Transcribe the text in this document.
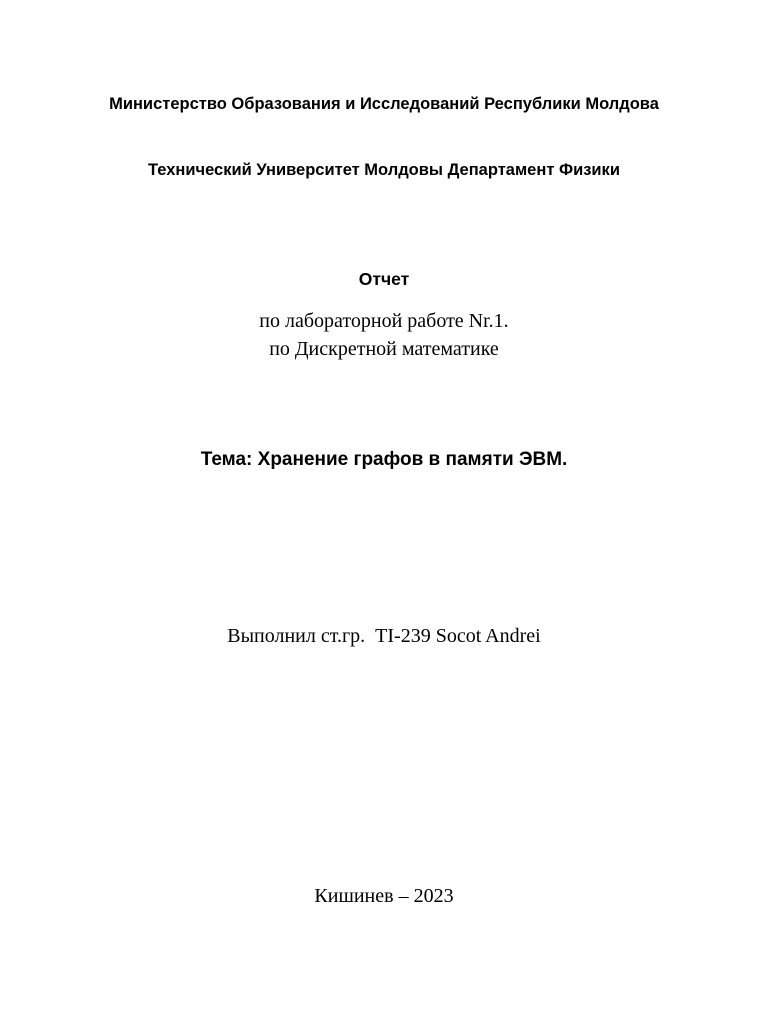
Министерство Образования и Исследований Республики Молдова
Технический Университет Молдовы Департамент Физики
Отчет
по лабораторной работе Nr.1.
по Дискретной математике
Тема: Хранение графов в памяти ЭВМ.
Выполнил ст.гр.  TI-239 Socot Andrei
Кишинев – 2023
